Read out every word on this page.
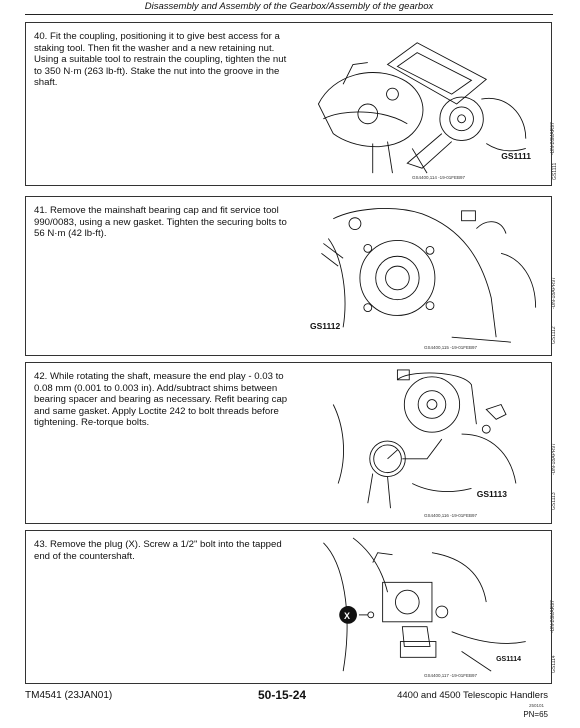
Disassembly and Assembly of the Gearbox/Assembly of the gearbox
40. Fit the coupling, positioning it to give best access for a staking tool. Then fit the washer and a new retaining nut. Using a suitable tool to restrain the coupling, tighten the nut to 350 N·m (263 lb-ft). Stake the nut into the groove in the shaft.
GS1111
GS4400,114 -19-01FEB97
-UN-26MAR97
GS1111
41. Remove the mainshaft bearing cap and fit service tool 990/0083, using a new gasket. Tighten the securing bolts to 56 N·m (42 lb-ft).
GS1112
GS4400,115 -19-01FEB97
-UN-18APR97
GS1112
42. While rotating the shaft, measure the end play - 0.03 to 0.08 mm (0.001 to 0.003 in). Add/subtract shims between bearing spacer and bearing as necessary. Refit bearing cap and same gasket. Apply Loctite 242 to bolt threads before tightening. Re-torque bolts.
GS1113
GS4400,116 -19-01FEB97
-UN-18APR97
GS1113
43. Remove the plug (X). Screw a 1/2" bolt into the tapped end of the countershaft.
X
GS1114
GS4400,117 -19-01FEB97
-UN-26MAR97
GS1114
TM4541 (23JAN01)	50-15-24	4400 and 4500 Telescopic Handlers
250101
PN=65
